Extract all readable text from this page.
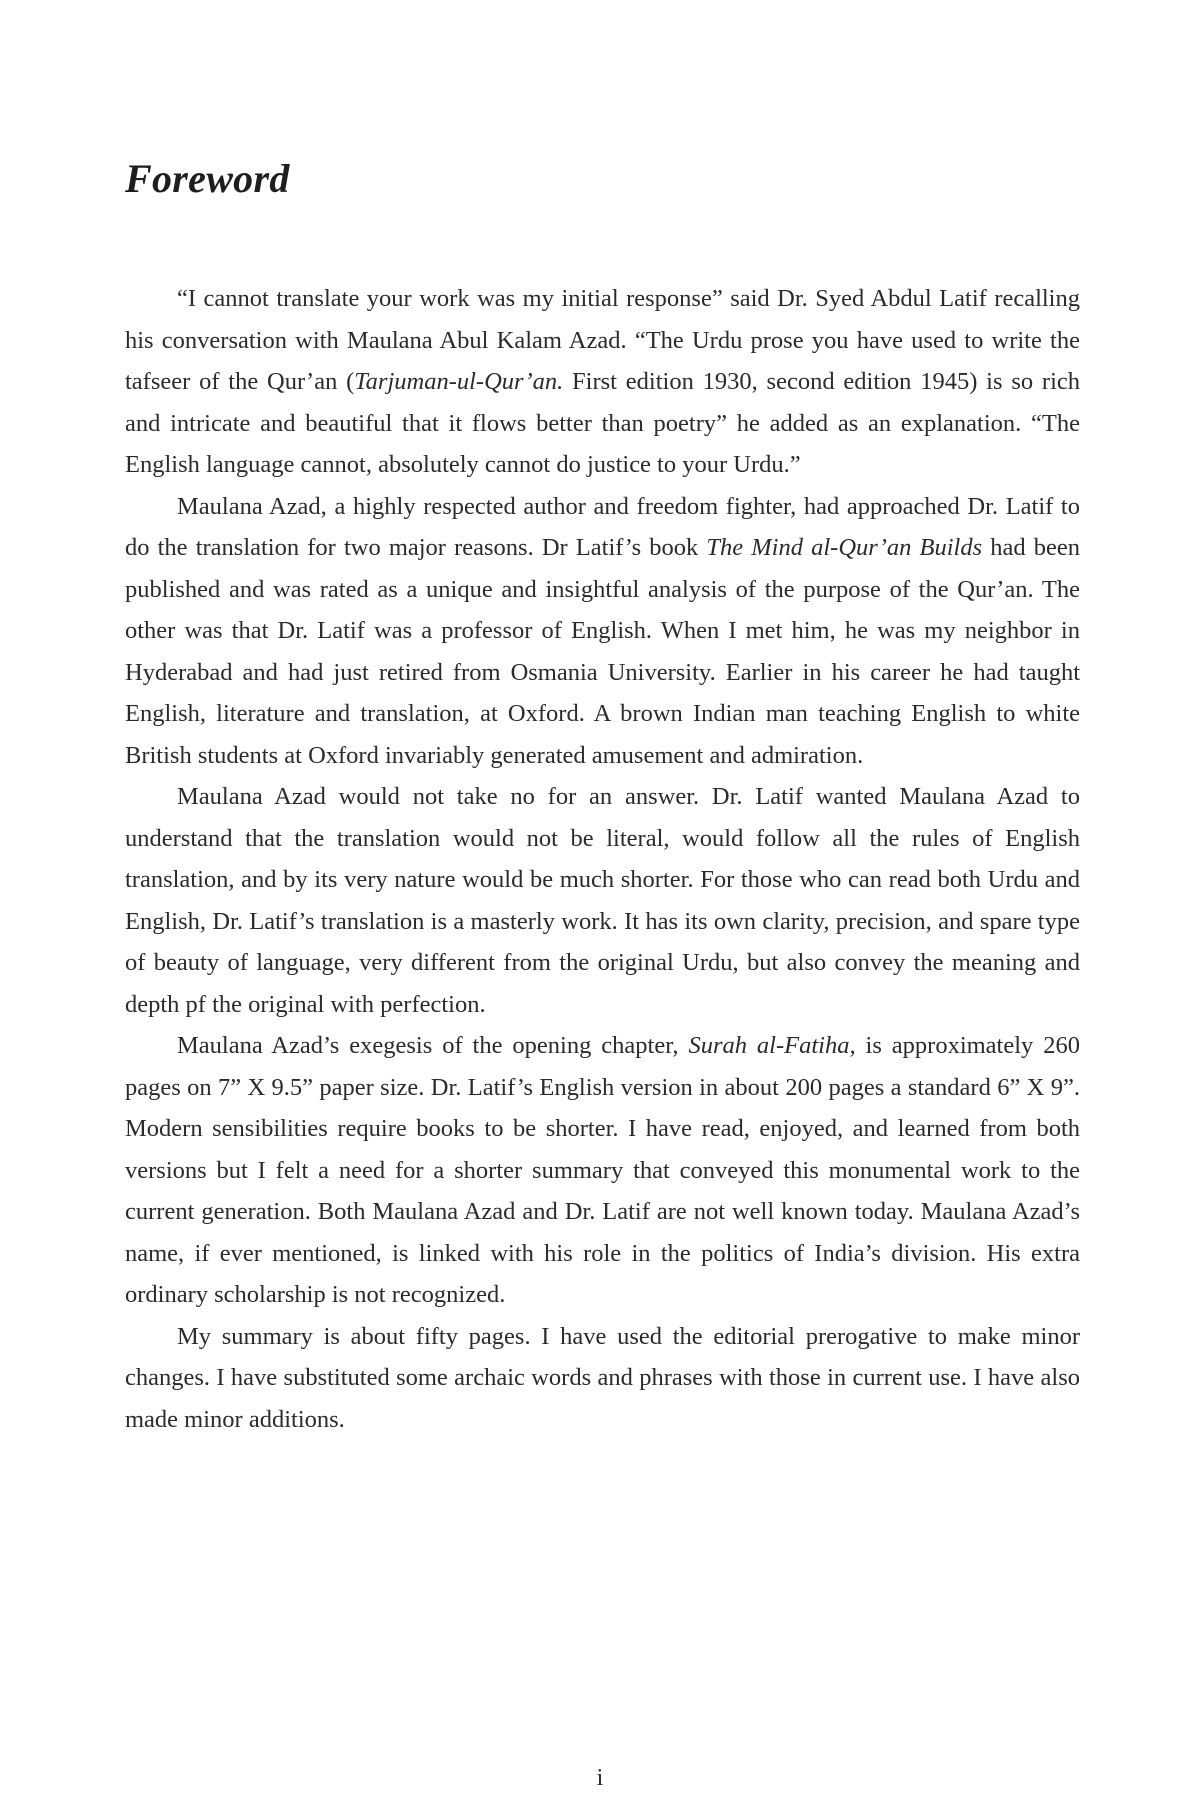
Foreword

“I cannot translate your work was my initial response” said Dr. Syed Abdul Latif recalling his conversation with Maulana Abul Kalam Azad. “The Urdu prose you have used to write the tafseer of the Qur’an (Tarjuman-ul-Qur’an. First edition 1930, second edition 1945) is so rich and intricate and beautiful that it flows better than poetry” he added as an explanation. “The English language cannot, absolutely cannot do justice to your Urdu.”

Maulana Azad, a highly respected author and freedom fighter, had approached Dr. Latif to do the translation for two major reasons. Dr Latif’s book The Mind al-Qur’an Builds had been published and was rated as a unique and insightful analysis of the purpose of the Qur’an. The other was that Dr. Latif was a professor of English. When I met him, he was my neighbor in Hyderabad and had just retired from Osmania University. Earlier in his career he had taught English, literature and translation, at Oxford. A brown Indian man teaching English to white British students at Oxford invariably generated amusement and admiration.

Maulana Azad would not take no for an answer. Dr. Latif wanted Maulana Azad to understand that the translation would not be literal, would follow all the rules of English translation, and by its very nature would be much shorter. For those who can read both Urdu and English, Dr. Latif’s translation is a masterly work. It has its own clarity, precision, and spare type of beauty of language, very different from the original Urdu, but also convey the meaning and depth pf the original with perfection.

Maulana Azad’s exegesis of the opening chapter, Surah al-Fatiha, is approximately 260 pages on 7” X 9.5” paper size. Dr. Latif’s English version in about 200 pages a standard 6” X 9”. Modern sensibilities require books to be shorter. I have read, enjoyed, and learned from both versions but I felt a need for a shorter summary that conveyed this monumental work to the current generation. Both Maulana Azad and Dr. Latif are not well known today. Maulana Azad’s name, if ever mentioned, is linked with his role in the politics of India’s division. His extra ordinary scholarship is not recognized.

My summary is about fifty pages. I have used the editorial prerogative to make minor changes. I have substituted some archaic words and phrases with those in current use. I have also made minor additions.

i
